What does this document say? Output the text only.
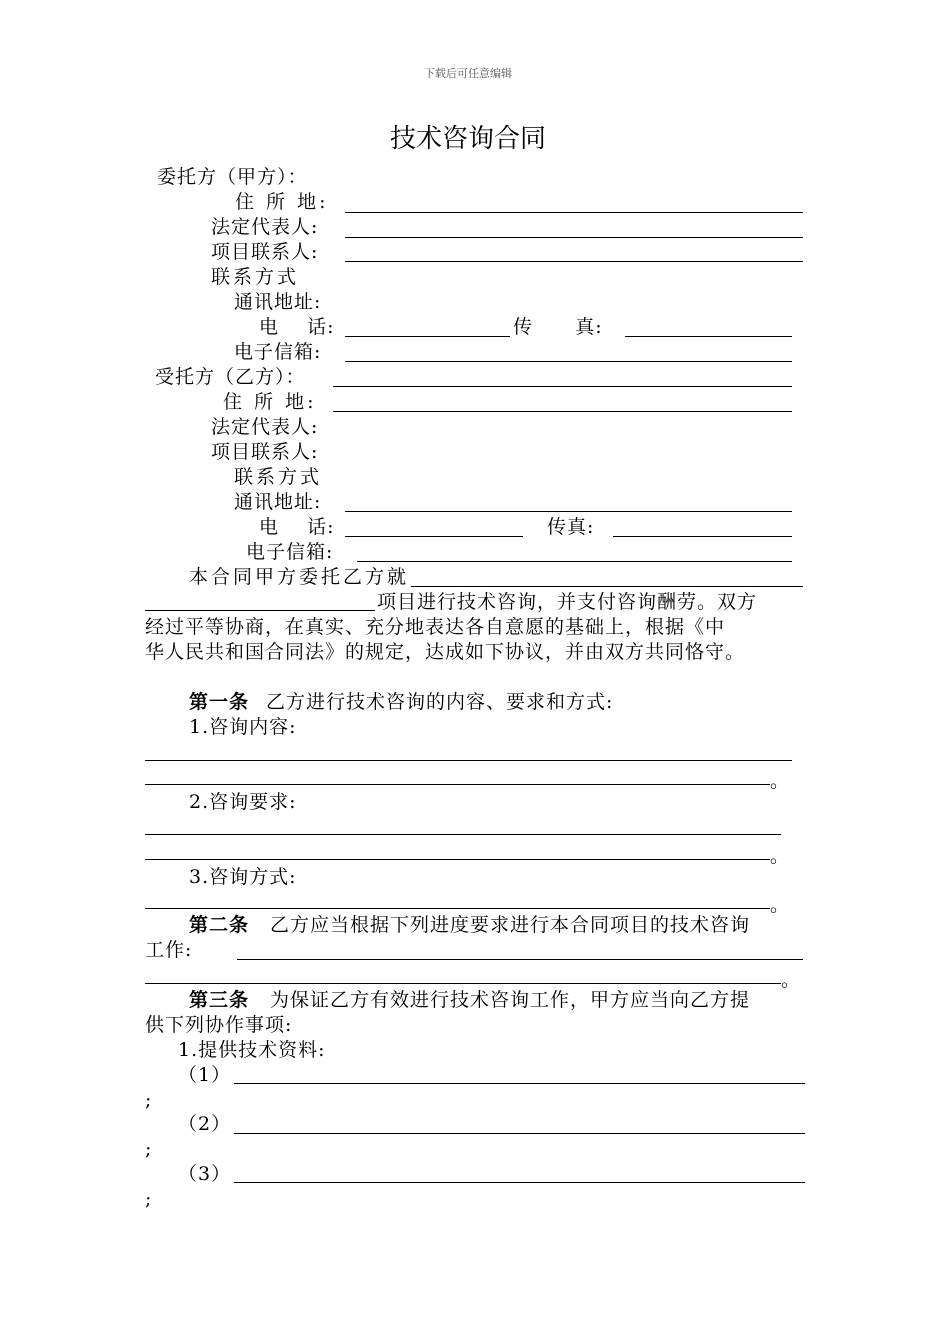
下载后可任意编辑
技术咨询合同
委托方（甲方）：
住 所 地:
法定代表人:
项目联系人:
联系方式
通讯地址:
电    话:	传      真:
电子信箱:
受托方（乙方）：
住 所 地:
法定代表人:
项目联系人:
联系方式
通讯地址:
电    话:	传真:
电子信箱:
本合同甲方委托乙方就
项目进行技术咨询，并支付咨询酬劳。双方
经过平等协商，在真实、充分地表达各自意愿的基础上，根据《中
华人民共和国合同法》的规定，达成如下协议，并由双方共同恪守。
第一条 乙方进行技术咨询的内容、要求和方式:
1.咨询内容:
。
2.咨询要求:
。
3.咨询方式:
。
第二条 乙方应当根据下列进度要求进行本合同项目的技术咨询
工作:
。
第三条 为保证乙方有效进行技术咨询工作，甲方应当向乙方提
供下列协作事项:
1.提供技术资料:
（1）
;
（2）
;
（3）
;
